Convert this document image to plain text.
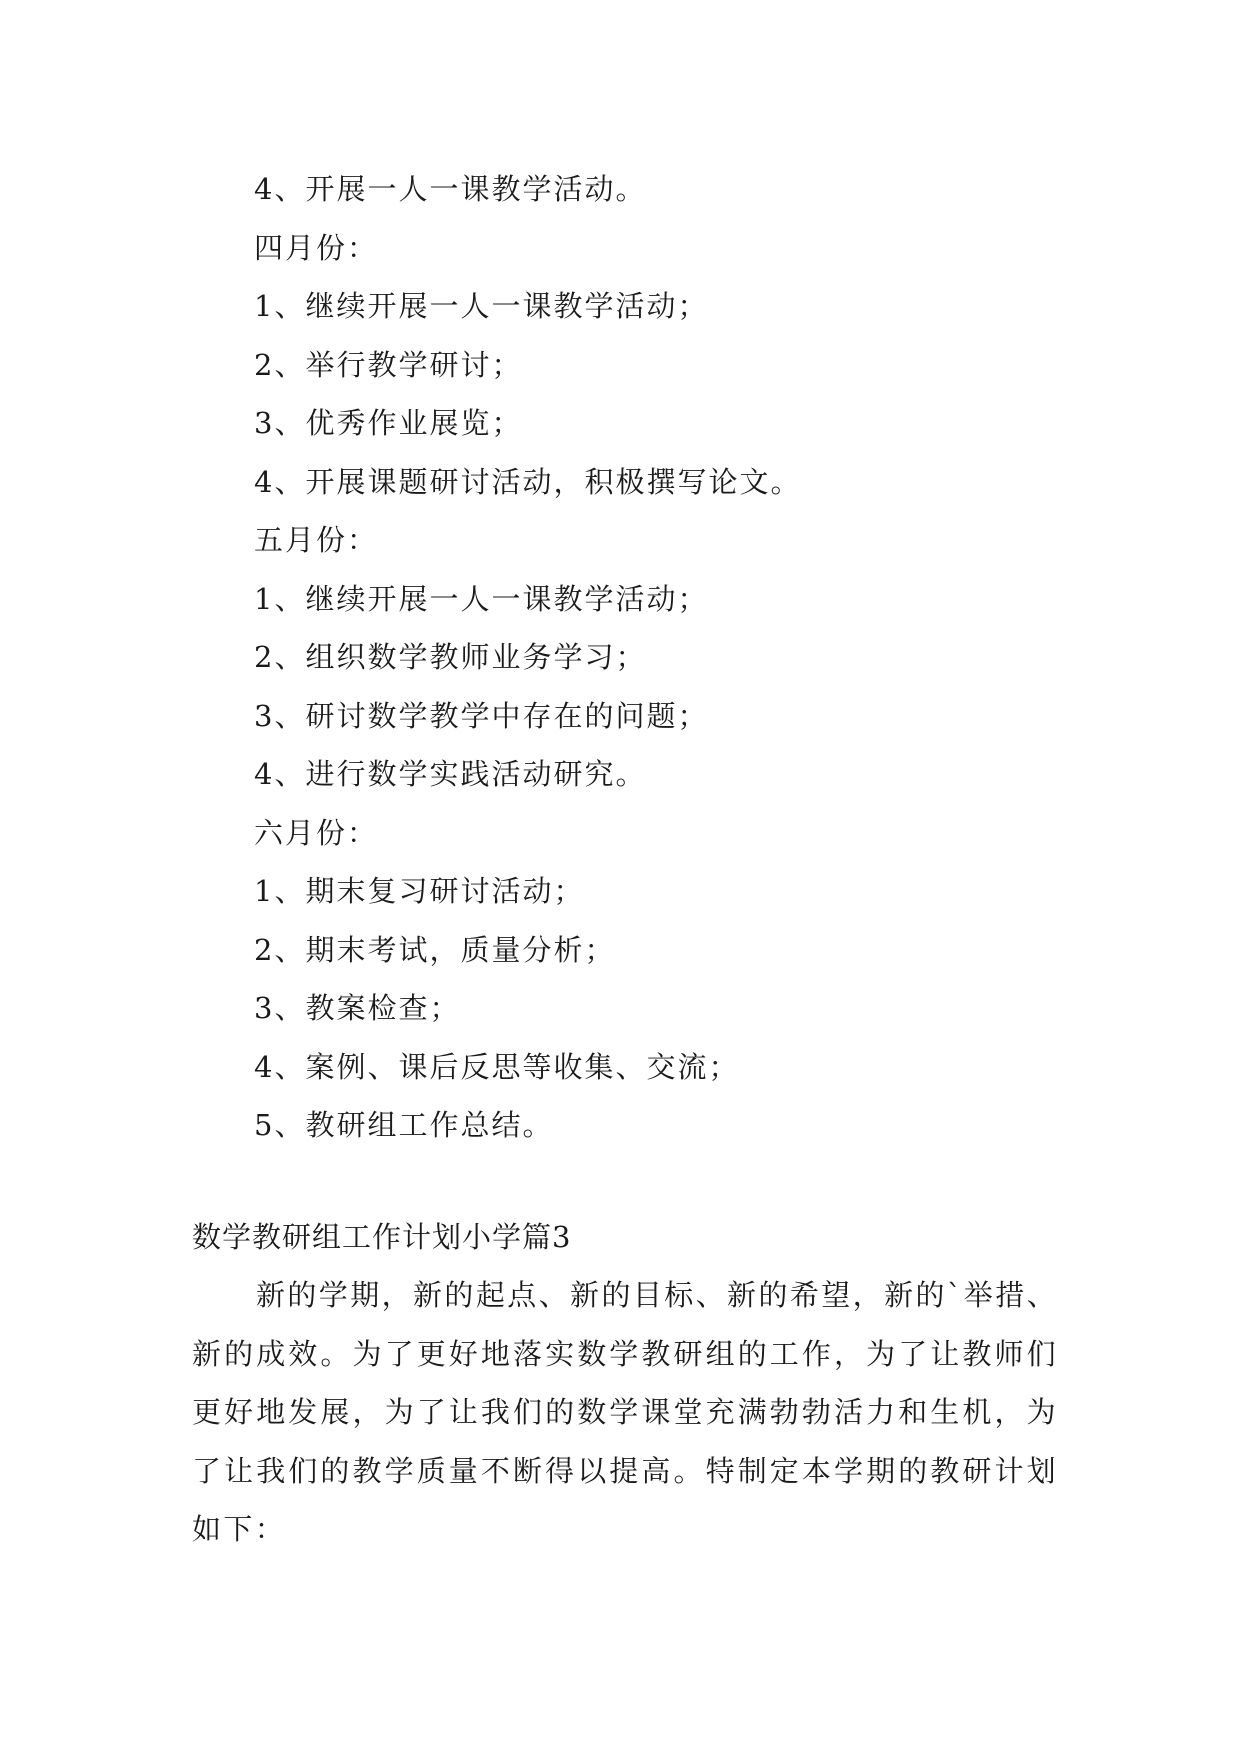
4、开展一人一课教学活动。
四月份：
1、继续开展一人一课教学活动；
2、举行教学研讨；
3、优秀作业展览；
4、开展课题研讨活动，积极撰写论文。
五月份：
1、继续开展一人一课教学活动；
2、组织数学教师业务学习；
3、研讨数学教学中存在的问题；
4、进行数学实践活动研究。
六月份：
1、期末复习研讨活动；
2、期末考试，质量分析；
3、教案检查；
4、案例、课后反思等收集、交流；
5、教研组工作总结。
数学教研组工作计划小学篇3
新的学期，新的起点、新的目标、新的希望，新的`举措、新的成效。为了更好地落实数学教研组的工作，为了让教师们更好地发展，为了让我们的数学课堂充满勃勃活力和生机，为了让我们的教学质量不断得以提高。特制定本学期的教研计划如下：
